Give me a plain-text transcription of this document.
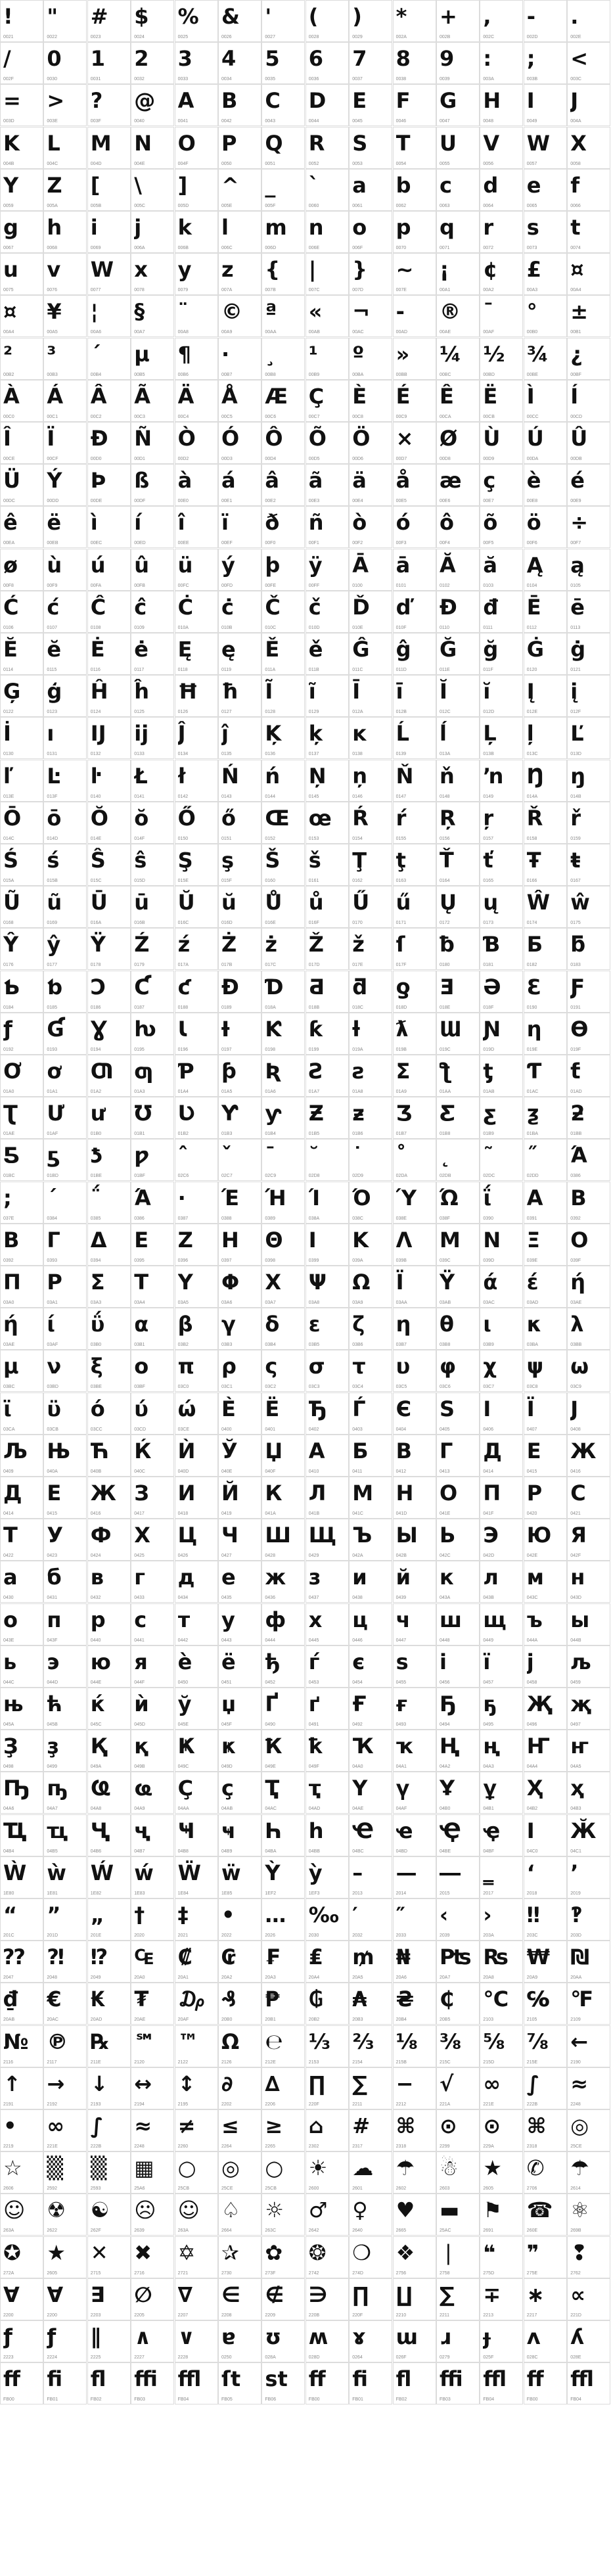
!
0021
"
0022
#
0023
$
0024
%
0025
&
0026
'
0027
(
0028
)
0029
*
002A
+
002B
,
002C
-
002D
.
002E
/
002F
0
0030
1
0031
2
0032
3
0033
4
0034
5
0035
6
0036
7
0037
8
0038
9
0039
:
003A
;
003B
<
003C
=
003D
>
003E
?
003F
@
0040
A
0041
B
0042
C
0043
D
0044
E
0045
F
0046
G
0047
H
0048
I
0049
J
004A
K
004B
L
004C
M
004D
N
004E
O
004F
P
0050
Q
0051
R
0052
S
0053
T
0054
U
0055
V
0056
W
0057
X
0058
Y
0059
Z
005A
[
005B
\
005C
]
005D
^
005E
_
005F
`
0060
a
0061
b
0062
c
0063
d
0064
e
0065
f
0066
g
0067
h
0068
i
0069
j
006A
k
006B
l
006C
m
006D
n
006E
o
006F
p
0070
q
0071
r
0072
s
0073
t
0074
u
0075
v
0076
W
0077
x
0078
y
0079
z
007A
{
007B
|
007C
}
007D
~
007E
¡
00A1
¢
00A2
£
00A3
¤
00A4
¤
00A4
¥
00A5
¦
00A6
§
00A7
¨
00A8
©
00A9
ª
00AA
«
00AB
¬
00AC
-
00AD
®
00AE
¯
00AF
°
00B0
±
00B1
²
00B2
³
00B3
´
00B4
µ
00B5
¶
00B6
·
00B7
¸
00B8
¹
00B9
º
00BA
»
00BB
¼
00BC
½
00BD
¾
00BE
¿
00BF
À
00C0
Á
00C1
Â
00C2
Ã
00C3
Ä
00C4
Å
00C5
Æ
00C6
Ç
00C7
È
00C8
É
00C9
Ê
00CA
Ë
00CB
Ì
00CC
Í
00CD
Î
00CE
Ï
00CF
Ð
00D0
Ñ
00D1
Ò
00D2
Ó
00D3
Ô
00D4
Õ
00D5
Ö
00D6
×
00D7
Ø
00D8
Ù
00D9
Ú
00DA
Û
00DB
Ü
00DC
Ý
00DD
Þ
00DE
ß
00DF
à
00E0
á
00E1
â
00E2
ã
00E3
ä
00E4
å
00E5
æ
00E6
ç
00E7
è
00E8
é
00E9
ê
00EA
ë
00EB
ì
00EC
í
00ED
î
00EE
ï
00EF
ð
00F0
ñ
00F1
ò
00F2
ó
00F3
ô
00F4
õ
00F5
ö
00F6
÷
00F7
ø
00F8
ù
00F9
ú
00FA
û
00FB
ü
00FC
ý
00FD
þ
00FE
ÿ
00FF
Ā
0100
ā
0101
Ă
0102
ă
0103
Ą
0104
ą
0105
Ć
0106
ć
0107
Ĉ
0108
ĉ
0109
Ċ
010A
ċ
010B
Č
010C
č
010D
Ď
010E
ď
010F
Đ
0110
đ
0111
Ē
0112
ē
0113
Ĕ
0114
ĕ
0115
Ė
0116
ė
0117
Ę
0118
ę
0119
Ě
011A
ě
011B
Ĝ
011C
ĝ
011D
Ğ
011E
ğ
011F
Ġ
0120
ġ
0121
Ģ
0122
ģ
0123
Ĥ
0124
ĥ
0125
Ħ
0126
ħ
0127
Ĩ
0128
ĩ
0129
Ī
012A
ī
012B
Ĭ
012C
ĭ
012D
Į
012E
į
012F
İ
0130
ı
0131
Ĳ
0132
ĳ
0133
Ĵ
0134
ĵ
0135
Ķ
0136
ķ
0137
ĸ
0138
Ĺ
0139
ĺ
013A
Ļ
013B
ļ
013C
Ľ
013D
ľ
013E
Ŀ
013F
ŀ
0140
Ł
0141
ł
0142
Ń
0143
ń
0144
Ņ
0145
ņ
0146
Ň
0147
ň
0148
ŉ
0149
Ŋ
014A
ŋ
014B
Ō
014C
ō
014D
Ŏ
014E
ŏ
014F
Ő
0150
ő
0151
Œ
0152
œ
0153
Ŕ
0154
ŕ
0155
Ŗ
0156
ŗ
0157
Ř
0158
ř
0159
Ś
015A
ś
015B
Ŝ
015C
ŝ
015D
Ş
015E
ş
015F
Š
0160
š
0161
Ţ
0162
ţ
0163
Ť
0164
ť
0165
Ŧ
0166
ŧ
0167
Ũ
0168
ũ
0169
Ū
016A
ū
016B
Ŭ
016C
ŭ
016D
Ů
016E
ů
016F
Ű
0170
ű
0171
Ų
0172
ų
0173
Ŵ
0174
ŵ
0175
Ŷ
0176
ŷ
0177
Ÿ
0178
Ź
0179
ź
017A
Ż
017B
ż
017C
Ž
017D
ž
017E
ſ
017F
ƀ
0180
Ɓ
0181
Ƃ
0182
ƃ
0183
Ƅ
0184
ƅ
0185
Ɔ
0186
Ƈ
0187
ƈ
0188
Ɖ
0189
Ɗ
018A
Ƌ
018B
ƌ
018C
ƍ
018D
Ǝ
018E
Ə
018F
Ɛ
0190
Ƒ
0191
ƒ
0192
Ɠ
0193
Ɣ
0194
ƕ
0195
Ɩ
0196
Ɨ
0197
Ƙ
0198
ƙ
0199
ƚ
019A
ƛ
019B
Ɯ
019C
Ɲ
019D
ƞ
019E
Ɵ
019F
Ơ
01A0
ơ
01A1
Ƣ
01A2
ƣ
01A3
Ƥ
01A4
ƥ
01A5
Ʀ
01A6
Ƨ
01A7
ƨ
01A8
Ʃ
01A9
ƪ
01AA
ƫ
01AB
Ƭ
01AC
ƭ
01AD
Ʈ
01AE
Ư
01AF
ư
01B0
Ʊ
01B1
Ʋ
01B2
Ƴ
01B3
ƴ
01B4
Ƶ
01B5
ƶ
01B6
Ʒ
01B7
Ƹ
01B8
ƹ
01B9
ƺ
01BA
ƻ
01BB
Ƽ
01BC
ƽ
01BD
ƾ
01BE
ƿ
01BF
ˆ
02C6
ˇ
02C7
ˉ
02C9
˘
02D8
˙
02D9
˚
02DA
˛
02DB
˜
02DC
˝
02DD
Ά
0386
;
037E
΄
0384
΅
0385
Ά
0386
·
0387
Έ
0388
Ή
0389
Ί
038A
Ό
038C
Ύ
038E
Ώ
038F
ΐ
0390
Α
0391
Β
0392
Β
0392
Γ
0393
Δ
0394
Ε
0395
Ζ
0396
Η
0397
Θ
0398
Ι
0399
Κ
039A
Λ
039B
Μ
039C
Ν
039D
Ξ
039E
Ο
039F
Π
03A0
Ρ
03A1
Σ
03A3
Τ
03A4
Υ
03A5
Φ
03A6
Χ
03A7
Ψ
03A8
Ω
03A9
Ϊ
03AA
Ϋ
03AB
ά
03AC
έ
03AD
ή
03AE
ή
03AE
ί
03AF
ΰ
03B0
α
03B1
β
03B2
γ
03B3
δ
03B4
ε
03B5
ζ
03B6
η
03B7
θ
03B8
ι
03B9
κ
03BA
λ
03BB
μ
03BC
ν
03BD
ξ
03BE
ο
03BF
π
03C0
ρ
03C1
ς
03C2
σ
03C3
τ
03C4
υ
03C5
φ
03C6
χ
03C7
ψ
03C8
ω
03C9
ϊ
03CA
ϋ
03CB
ό
03CC
ύ
03CD
ώ
03CE
Ѐ
0400
Ё
0401
Ђ
0402
Ѓ
0403
Є
0404
Ѕ
0405
І
0406
Ї
0407
Ј
0408
Љ
0409
Њ
040A
Ћ
040B
Ќ
040C
Ѝ
040D
Ў
040E
Џ
040F
А
0410
Б
0411
В
0412
Г
0413
Д
0414
Е
0415
Ж
0416
Д
0414
Е
0415
Ж
0416
З
0417
И
0418
Й
0419
К
041A
Л
041B
М
041C
Н
041D
О
041E
П
041F
Р
0420
С
0421
Т
0422
У
0423
Ф
0424
Х
0425
Ц
0426
Ч
0427
Ш
0428
Щ
0429
Ъ
042A
Ы
042B
Ь
042C
Э
042D
Ю
042E
Я
042F
а
0430
б
0431
в
0432
г
0433
д
0434
е
0435
ж
0436
з
0437
и
0438
й
0439
к
043A
л
043B
м
043C
н
043D
о
043E
п
043F
р
0440
с
0441
т
0442
у
0443
ф
0444
х
0445
ц
0446
ч
0447
ш
0448
щ
0449
ъ
044A
ы
044B
ь
044C
э
044D
ю
044E
я
044F
ѐ
0450
ё
0451
ђ
0452
ѓ
0453
є
0454
ѕ
0455
і
0456
ї
0457
ј
0458
љ
0459
њ
045A
ћ
045B
ќ
045C
ѝ
045D
ў
045E
џ
045F
Ґ
0490
ґ
0491
Ғ
0492
ғ
0493
Ҕ
0494
ҕ
0495
Җ
0496
җ
0497
Ҙ
0498
ҙ
0499
Қ
049A
қ
049B
Ҝ
049C
ҝ
049D
Ҟ
049E
ҟ
049F
Ҡ
04A0
ҡ
04A1
Ң
04A2
ң
04A3
Ҥ
04A4
ҥ
04A5
Ҧ
04A6
ҧ
04A7
Ҩ
04A8
ҩ
04A9
Ҫ
04AA
ҫ
04AB
Ҭ
04AC
ҭ
04AD
Ү
04AE
ү
04AF
Ұ
04B0
ұ
04B1
Ҳ
04B2
ҳ
04B3
Ҵ
04B4
ҵ
04B5
Ҷ
04B6
ҷ
04B7
Ҹ
04B8
ҹ
04B9
Һ
04BA
һ
04BB
Ҽ
04BC
ҽ
04BD
Ҿ
04BE
ҿ
04BF
Ӏ
04C0
Ӂ
04C1
Ẁ
1E80
ẁ
1E81
Ẃ
1E82
ẃ
1E83
Ẅ
1E84
ẅ
1E85
Ỳ
1EF2
ỳ
1EF3
–
2013
—
2014
―
2015
‗
2017
‘
2018
’
2019
“
201C
”
201D
„
201E
†
2020
‡
2021
•
2022
…
2026
‰
2030
′
2032
″
2033
‹
2039
›
203A
‼
203C
‽
203D
⁇
2047
⁈
2048
⁉
2049
₠
20A0
₡
20A1
₢
20A2
₣
20A3
₤
20A4
₥
20A5
₦
20A6
₧
20A7
₨
20A8
₩
20A9
₪
20AA
₫
20AB
€
20AC
₭
20AD
₮
20AE
₯
20AF
₰
20B0
₱
20B1
₲
20B2
₳
20B3
₴
20B4
₵
20B5
℃
2103
℅
2105
℉
2109
№
2116
℗
2117
℞
211E
℠
2120
™
2122
Ω
2126
℮
212E
⅓
2153
⅔
2154
⅛
215B
⅜
215C
⅝
215D
⅞
215E
←
2190
↑
2191
→
2192
↓
2193
↔
2194
↕
2195
∂
2202
∆
2206
∏
220F
∑
2211
−
2212
√
221A
∞
221E
∫
222B
≈
2248
•
2219
∞
221E
∫
222B
≈
2248
≠
2260
≤
2264
≥
2265
⌂
2302
#
2317
⌘
2318
⊙
2299
⊙
229A
⌘
2318
◎
25CE
☆
2606
▒
2592
▒
2593
▦
25A6
○
25CB
◎
25CE
○
25CB
☀
2600
☁
2601
☂
2602
☃
2603
★
2605
✆
2706
☂
2614
☺
263A
☢
2622
☯
262F
☹
2639
☺
263A
♤
2664
☼
263C
♂
2642
♀
2640
♥
2665
▬
25AC
⚑
2691
☎
260E
⚛
269B
✪
272A
★
2605
✕
2715
✖
2716
✡
2721
✰
2730
✿
273F
❂
2742
❍
274D
❖
2756
❘
2758
❝
275D
❞
275E
❢
2762
∀
2200
∀
2200
∃
2203
∅
2205
∇
2207
∈
2208
∉
2209
∋
220B
∏
220F
∐
2210
∑
2211
∓
2213
∗
2217
∝
221D
ƒ
2223
ƒ
2224
∥
2225
∧
2227
∨
2228
ɐ
0250
ʊ
028A
ʍ
028D
ɤ
0264
ɯ
026F
ɹ
0279
ɟ
025F
ʌ
028C
ʎ
028E
ff
FB00
fi
FB01
fl
FB02
ffi
FB03
ffl
FB04
ſt
FB05
st
FB06
ff
FB00
fi
FB01
fl
FB02
ffi
FB03
ffl
FB04
ff
FB00
ffl
FB04
